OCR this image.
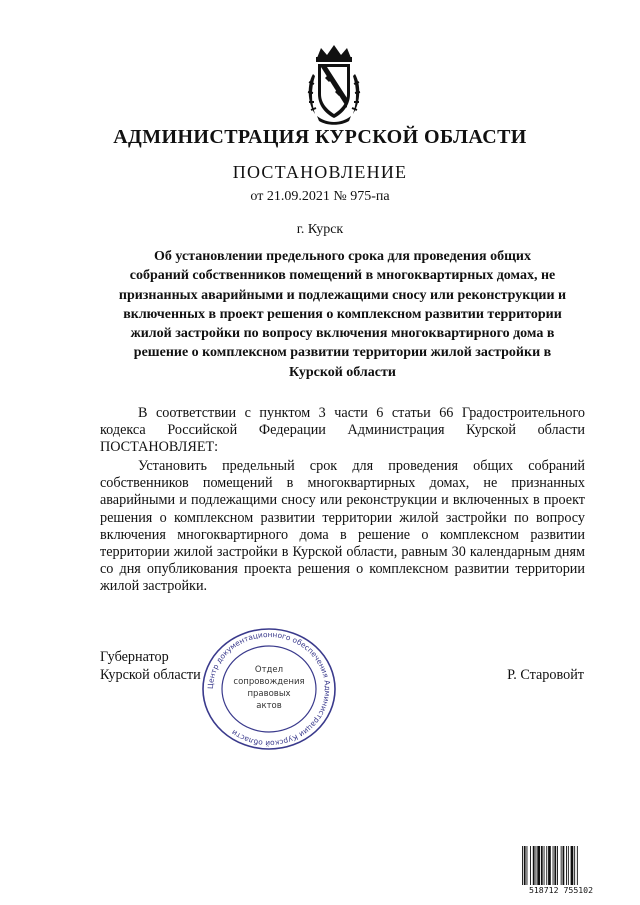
АДМИНИСТРАЦИЯ КУРСКОЙ ОБЛАСТИ
ПОСТАНОВЛЕНИЕ
от 21.09.2021 № 975-па
г. Курск
Об установлении предельного срока для проведения общих
собраний собственников помещений в многоквартирных домах, не
признанных аварийными и подлежащими сносу или реконструкции и
включенных в проект решения о комплексном развитии территории
жилой застройки по вопросу включения многоквартирного дома в
решение о комплексном развитии территории жилой застройки в
Курской области
В соответствии с пунктом 3 части 6 статьи 66 Градостроительного кодекса Российской Федерации Администрация Курской области ПОСТАНОВЛЯЕТ:
Установить предельный срок для проведения общих собраний собственников помещений в многоквартирных домах, не признанных аварийными и подлежащими сносу или реконструкции и включенных в проект решения о комплексном развитии территории жилой застройки по вопросу включения многоквартирного дома в решение о комплексном развитии территории жилой застройки в Курской области, равным 30 календарным дням со дня опубликования проекта решения о комплексном развитии территории жилой застройки.
Губернатор
Курской области	Р. Старовойт
Центр документационного обеспечения Администрации Курской области
Отдел
сопровождения
правовых
актов
518712 755102
